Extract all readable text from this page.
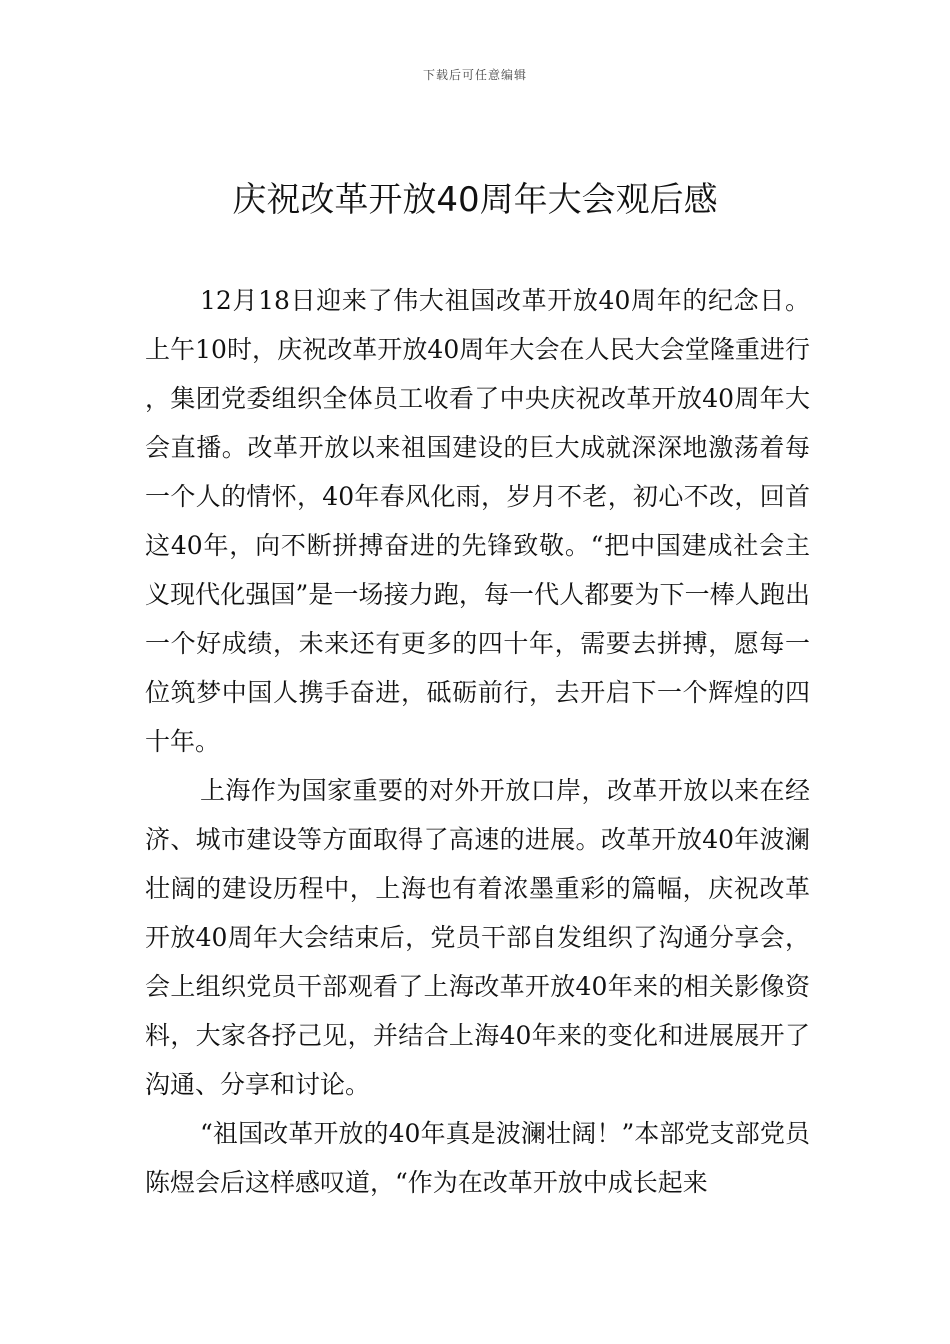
下载后可任意编辑
庆祝改革开放40周年大会观后感

12月18日迎来了伟大祖国改革开放40周年的纪念日。上午10时，庆祝改革开放40周年大会在人民大会堂隆重进行，集团党委组织全体员工收看了中央庆祝改革开放40周年大会直播。改革开放以来祖国建设的巨大成就深深地激荡着每一个人的情怀，40年春风化雨，岁月不老，初心不改，回首这40年，向不断拼搏奋进的先锋致敬。“把中国建成社会主义现代化强国”是一场接力跑，每一代人都要为下一棒人跑出一个好成绩，未来还有更多的四十年，需要去拼搏，愿每一位筑梦中国人携手奋进，砥砺前行，去开启下一个辉煌的四十年。

上海作为国家重要的对外开放口岸，改革开放以来在经济、城市建设等方面取得了高速的进展。改革开放40年波澜壮阔的建设历程中，上海也有着浓墨重彩的篇幅，庆祝改革开放40周年大会结束后，党员干部自发组织了沟通分享会，会上组织党员干部观看了上海改革开放40年来的相关影像资料，大家各抒己见，并结合上海40年来的变化和进展展开了沟通、分享和讨论。

“祖国改革开放的40年真是波澜壮阔！”本部党支部党员陈煜会后这样感叹道，“作为在改革开放中成长起来
